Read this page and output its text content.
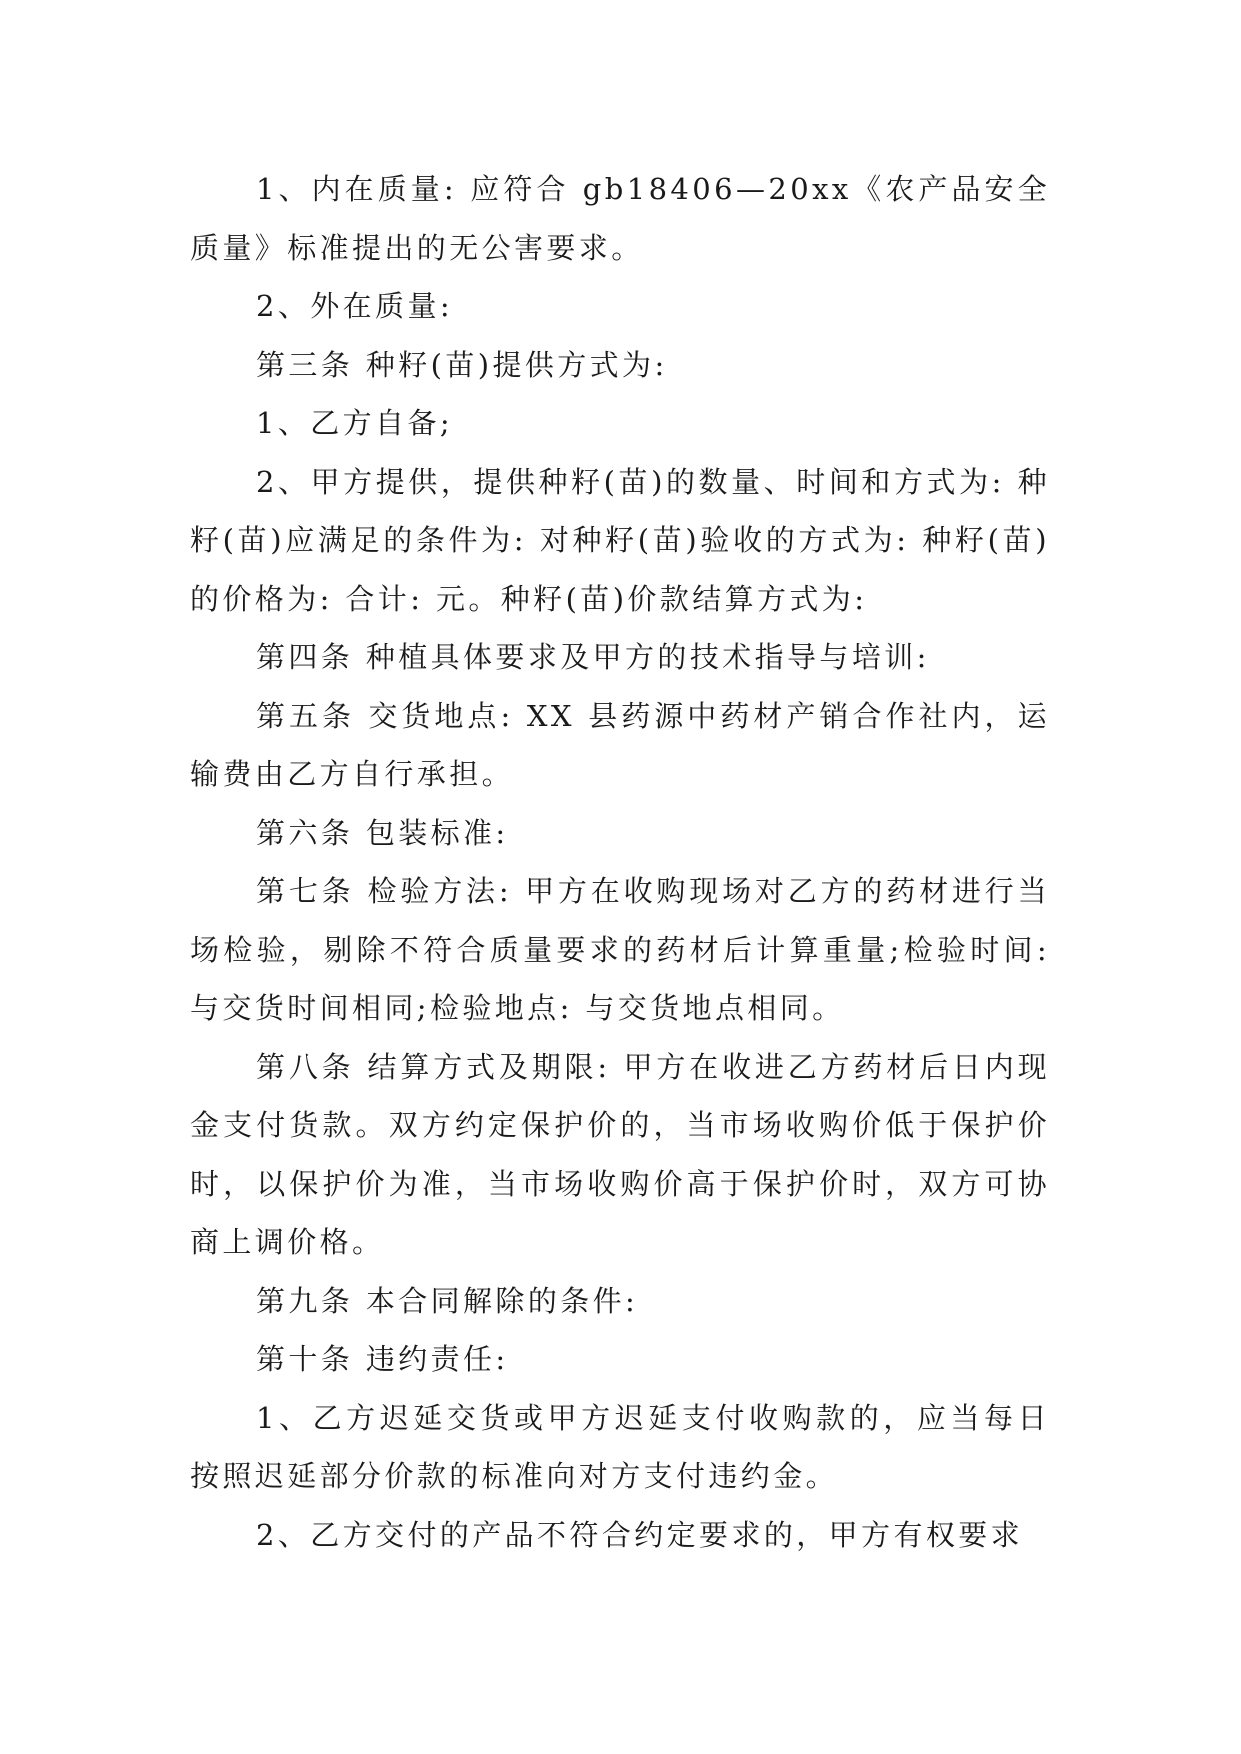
1、内在质量: 应符合 gb18406—20xx《农产品安全质量》标准提出的无公害要求。

2、外在质量:

第三条 种籽(苗)提供方式为:

1、乙方自备;

2、甲方提供，提供种籽(苗)的数量、时间和方式为: 种籽(苗)应满足的条件为: 对种籽(苗)验收的方式为: 种籽(苗)的价格为: 合计: 元。种籽(苗)价款结算方式为:

第四条 种植具体要求及甲方的技术指导与培训:

第五条 交货地点: XX 县药源中药材产销合作社内，运输费由乙方自行承担。

第六条 包装标准:

第七条 检验方法: 甲方在收购现场对乙方的药材进行当场检验，剔除不符合质量要求的药材后计算重量;检验时间: 与交货时间相同;检验地点: 与交货地点相同。

第八条 结算方式及期限: 甲方在收进乙方药材后日内现金支付货款。双方约定保护价的，当市场收购价低于保护价时，以保护价为准，当市场收购价高于保护价时，双方可协商上调价格。

第九条 本合同解除的条件:

第十条 违约责任:

1、乙方迟延交货或甲方迟延支付收购款的，应当每日按照迟延部分价款的标准向对方支付违约金。

2、乙方交付的产品不符合约定要求的，甲方有权要求
